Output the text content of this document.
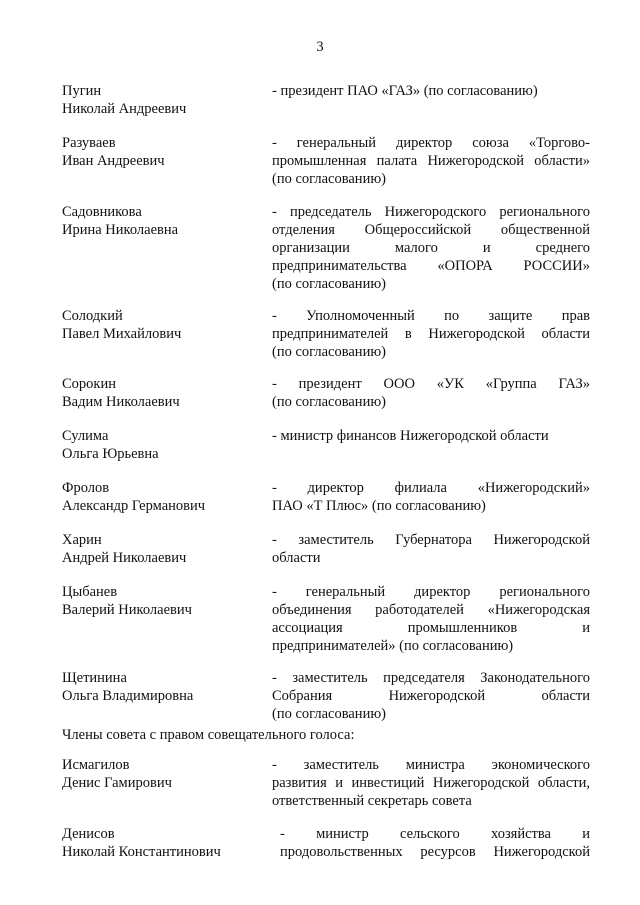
3
Пугин
Николай Андреевич
- президент ПАО «ГАЗ» (по согласованию)
Разуваев
Иван Андреевич
- генеральный директор союза «Торгово-
промышленная палата Нижегородской области»
(по согласованию)
Садовникова
Ирина Николаевна
- председатель Нижегородского регионального
отделения Общероссийской общественной
организации малого и среднего
предпринимательства «ОПОРА РОССИИ»
(по согласованию)
Солодкий
Павел Михайлович
- Уполномоченный по защите прав
предпринимателей в Нижегородской области
(по согласованию)
Сорокин
Вадим Николаевич
- президент ООО «УК «Группа ГАЗ»
(по согласованию)
Сулима
Ольга Юрьевна
- министр финансов Нижегородской области
Фролов
Александр Германович
- директор филиала «Нижегородский»
ПАО «Т Плюс» (по согласованию)
Харин
Андрей Николаевич
- заместитель Губернатора Нижегородской
области
Цыбанев
Валерий Николаевич
- генеральный директор регионального
объединения работодателей «Нижегородская
ассоциация промышленников и
предпринимателей» (по согласованию)
Щетинина
Ольга Владимировна
- заместитель председателя Законодательного
Собрания Нижегородской области
(по согласованию)
Члены совета с правом совещательного голоса:
Исмагилов
Денис Гамирович
- заместитель министра экономического
развития и инвестиций Нижегородской области,
ответственный секретарь совета
Денисов
Николай Константинович
- министр сельского хозяйства и
продовольственных ресурсов Нижегородской
